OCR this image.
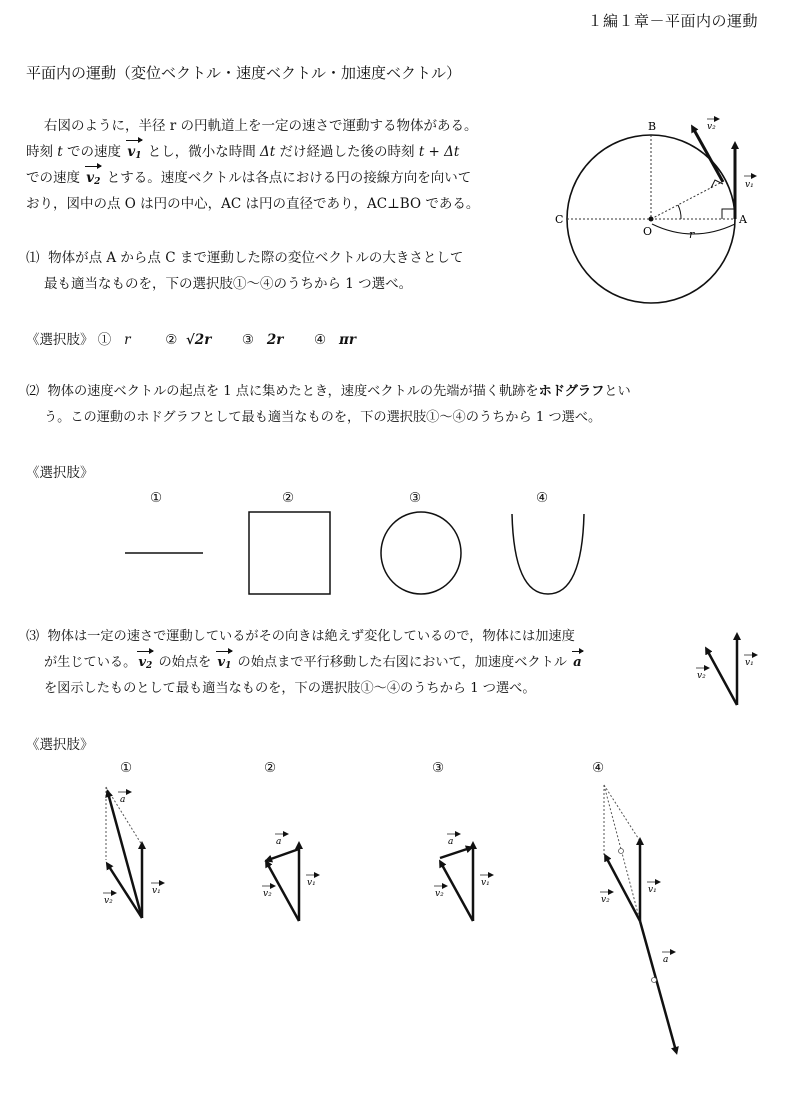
１編１章－平面内の運動
平面内の運動（変位ベクトル・速度ベクトル・加速度ベクトル）
右図のように，半径 r の円軌道上を一定の速さで運動する物体がある。
時刻 t での速度 $v_1$ とし，微小な時間 Δt だけ経過した後の時刻 t + Δt
での速度 $v_2$ とする。速度ベクトルは各点における円の接線方向を向いて
おり，図中の点 O は円の中心，AC は円の直径であり，AC⊥BO である。
B
C
O
A
r
v₂
v₁
⑴ 物体が点 A から点 C まで運動した際の変位ベクトルの大きさとして
最も適当なものを，下の選択肢①～④のうちから 1 つ選べ。
《選択肢》 ① r	② √2r ③ 2r ④ πr
⑵ 物体の速度ベクトルの起点を 1 点に集めたとき，速度ベクトルの先端が描く軌跡をホドグラフとい
う。この運動のホドグラフとして最も適当なものを，下の選択肢①～④のうちから 1 つ選べ。
《選択肢》
①	②	③	④
⑶ 物体は一定の速さで運動しているがその向きは絶えず変化しているので，物体には加速度
が生じている。 $v_2$ の始点を $v_1$ の始点まで平行移動した右図において，加速度ベクトル a
を図示したものとして最も適当なものを，下の選択肢①～④のうちから 1 つ選べ。
v₁
v₂
《選択肢》
①	②	③	④
a
v₁
v₂
a
v₁
v₂
a
v₁
v₂
a
v₁
v₂
